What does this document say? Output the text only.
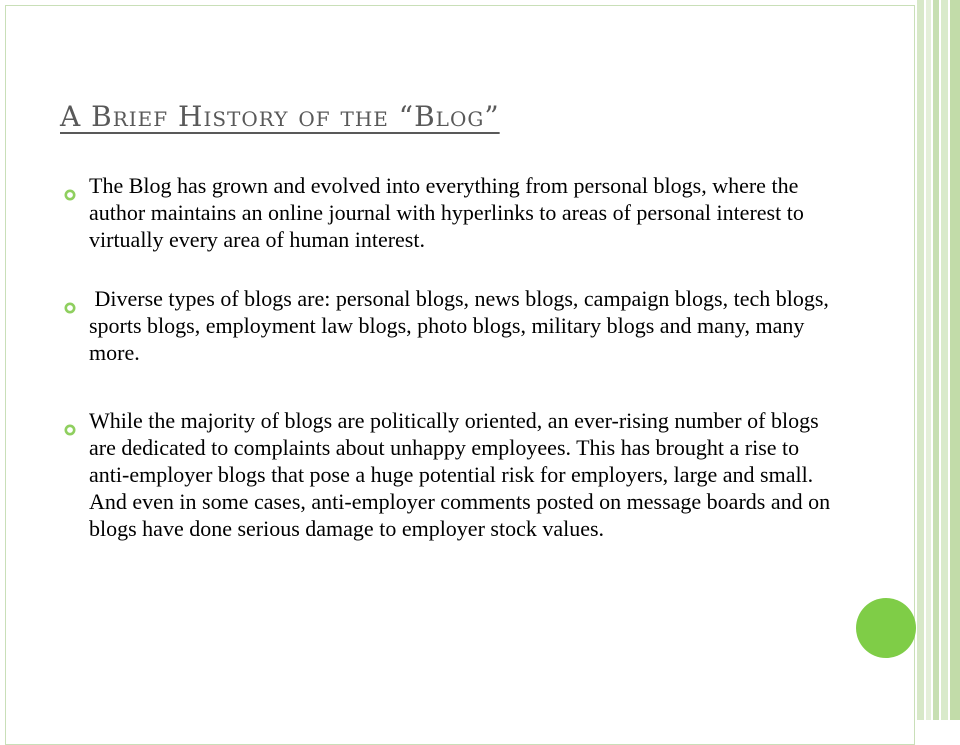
A Brief History of the “Blog”
The Blog has grown and evolved into everything from personal blogs, where the author maintains an online journal with hyperlinks to areas of personal interest to virtually every area of human interest.
Diverse types of blogs are: personal blogs, news blogs, campaign blogs, tech blogs, sports blogs, employment law blogs, photo blogs, military blogs and many, many more.
While the majority of blogs are politically oriented, an ever-rising number of blogs are dedicated to complaints about unhappy employees. This has brought a rise to anti-employer blogs that pose a huge potential risk for employers, large and small.  And even in some cases, anti-employer comments posted on message boards and on blogs have done serious damage to employer stock values.
